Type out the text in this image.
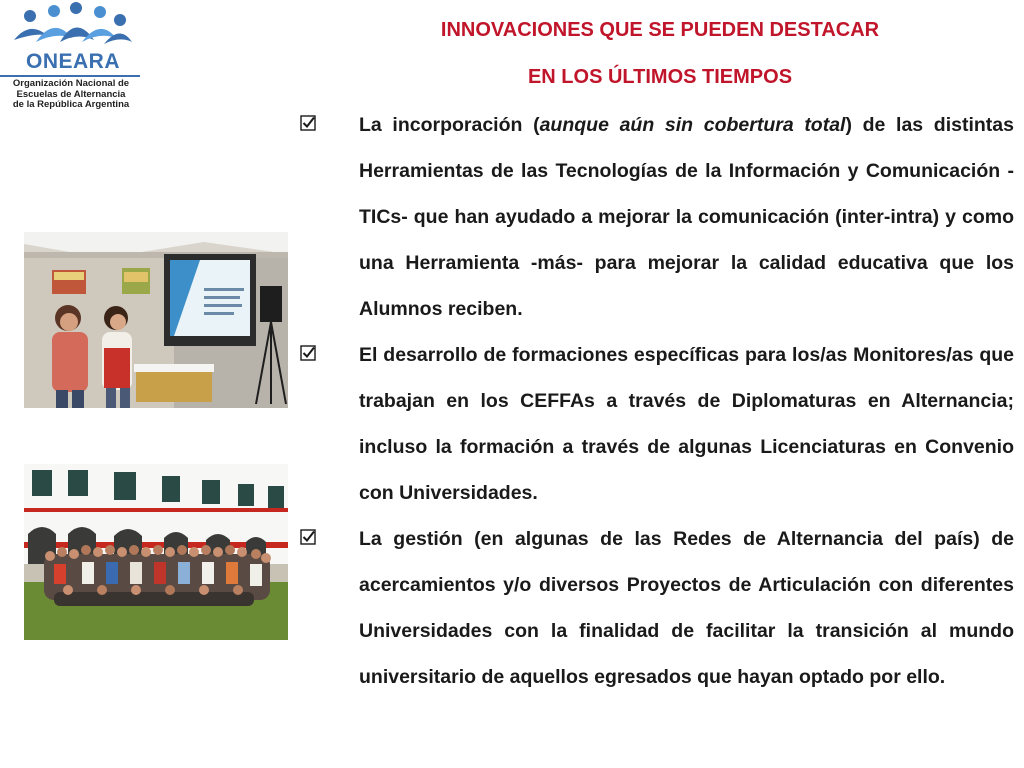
ONEARA
Organización Nacional de
Escuelas de Alternancia
de la República Argentina
INNOVACIONES QUE SE PUEDEN DESTACAR
EN LOS ÚLTIMOS TIEMPOS
La incorporación (aunque aún sin cobertura total) de las distintas Herramientas de las Tecnologías de la Información y Comunicación -TICs- que han ayudado a mejorar la comunicación (inter-intra) y como una Herramienta -más- para mejorar la calidad educativa que los Alumnos reciben.
El desarrollo de formaciones específicas para los/as Monitores/as que trabajan en los CEFFAs a través de Diplomaturas en Alternancia; incluso la formación a través de algunas Licenciaturas en Convenio con Universidades.
La gestión (en algunas de las Redes de Alternancia del país) de acercamientos y/o diversos Proyectos de Articulación con diferentes Universidades con la finalidad de facilitar la transición al mundo universitario de aquellos egresados que hayan optado por ello.
